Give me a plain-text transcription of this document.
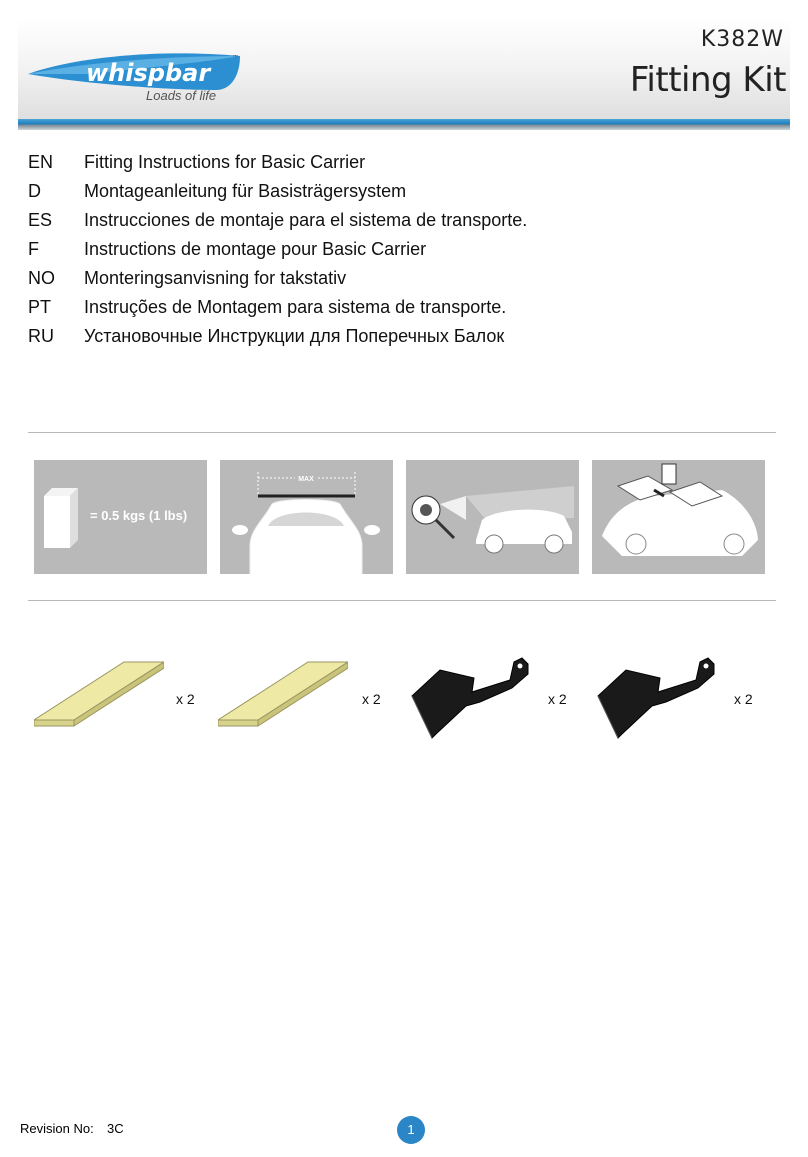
whispbar
™
Loads of life
K382W
Fitting Kit
EN	Fitting Instructions for Basic Carrier
D	Montageanleitung für Basisträgersystem
ES	Instrucciones de montaje para el sistema de transporte.
F	Instructions de montage pour Basic Carrier
NO	Monteringsanvisning for takstativ
PT	Instruções de Montagem para sistema de transporte.
RU	Установочные Инструкции для Поперечных Балок
= 0.5 kgs (1 lbs)
MAX
x 2	x 2	x 2	x 2
Revision No: 3C	1
